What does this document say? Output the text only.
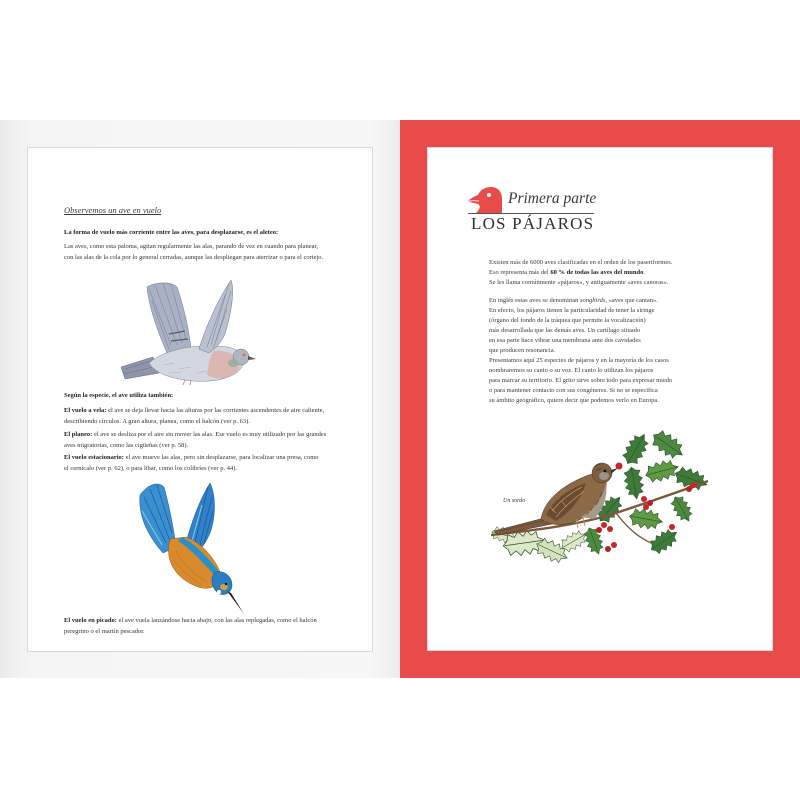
Observemos un ave en vuelo
La forma de vuelo más corriente entre las aves, para desplazarse, es el aleteo:
Las aves, como esta paloma, agitan regularmente las alas, parando de vez en cuando para planear,
con las alas de la cola por lo general cerradas, aunque las despliegan para aterrizar o para el cortejo.
Según la especie, el ave utiliza también:
El vuelo a vela: el ave se deja llevar hacia las alturas por las corrientes ascendentes de aire caliente,
describiendo círculos. A gran altura, planea, como el halcón (ver p. 63).
El planeo: el ave se desliza por el aire sin mover las alas. Ese vuelo es muy utilizado por las grandes
aves migratorias, como las cigüeñas (ver p. 58).
El vuelo estacionario: el ave mueve las alas, pero sin desplazarse, para localizar una presa, como
el cernícalo (ver p. 62), o para libar, como los colibríes (ver p. 44).
El vuelo en picado: el ave vuela lanzándose hacia abajo, con las alas replegadas, como el halcón
peregrino o el martín pescador.
Primera parte
LOS PÁJAROS
Existen más de 6000 aves clasificadas en el orden de los paseriformes.
Eso representa más del 60 % de todas las aves del mundo.
Se les llama comúnmente «pájaros», y antiguamente «aves canoras».
En inglés estas aves se denominan songbirds, «aves que cantan».
En efecto, los pájaros tienen la particularidad de tener la siringe
(órgano del fondo de la tráquea que permite la vocalización)
más desarrollada que las demás aves. Un cartílago situado
en esa parte hace vibrar una membrana ante dos cavidades
que producen resonancia.
Presentamos aquí 25 especies de pájaros y en la mayoría de los casos
nombraremos su canto o su voz. El canto lo utilizan los pájaros
para marcar su territorio. El grito sirve sobre todo para expresar miedo
o para mantener contacto con sus congéneres. Si no se especifica
su ámbito geográfico, quiere decir que podemos verlo en Europa.
Un sordo
